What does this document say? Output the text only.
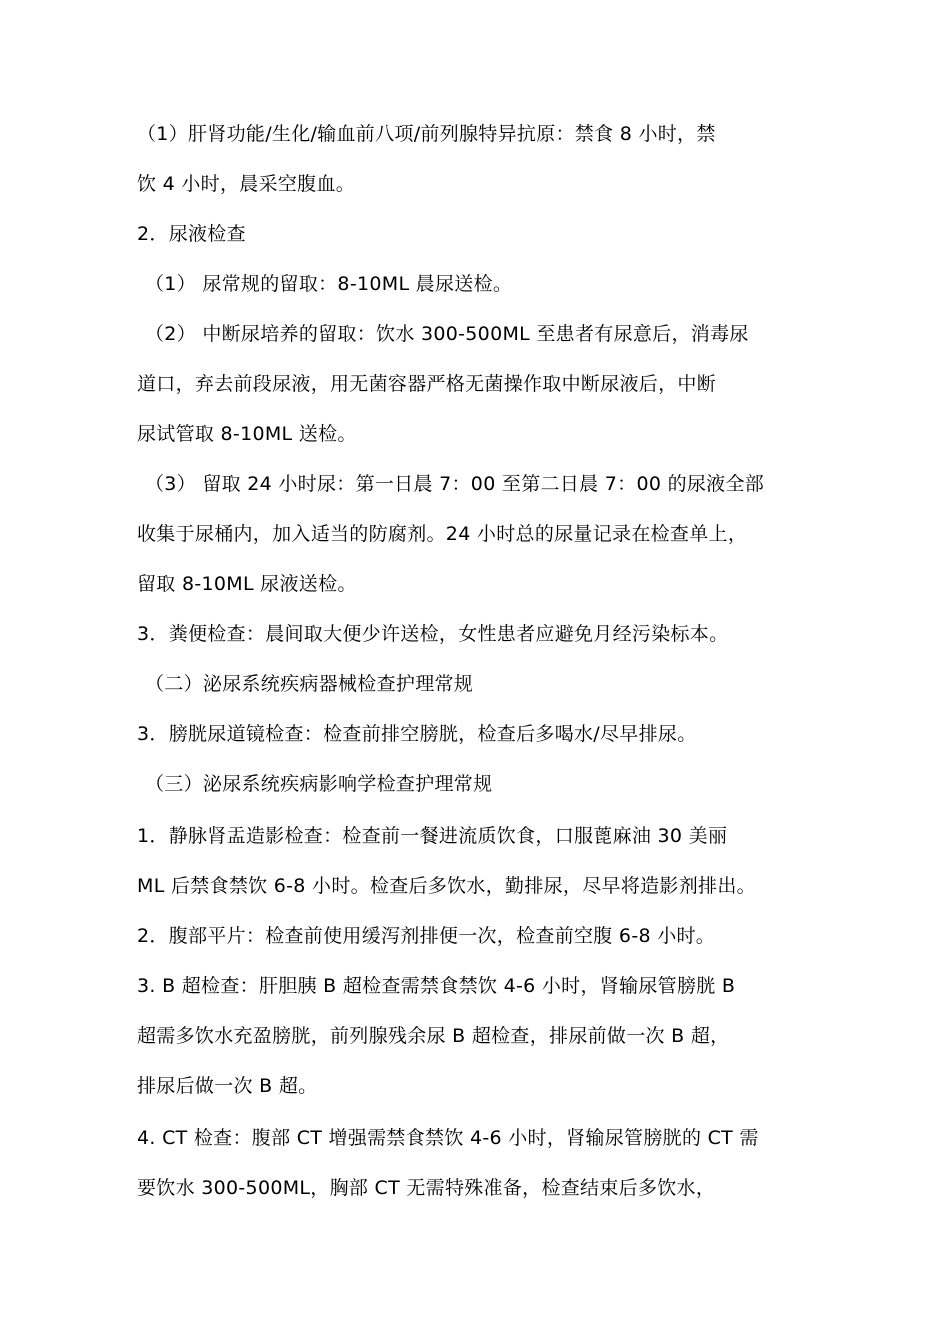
（1）肝肾功能/生化/输血前八项/前列腺特异抗原：禁食 8 小时，禁
饮 4 小时，晨采空腹血。
2．尿液检查
（1） 尿常规的留取：8-10ML 晨尿送检。
（2） 中断尿培养的留取：饮水 300-500ML 至患者有尿意后，消毒尿
道口，弃去前段尿液，用无菌容器严格无菌操作取中断尿液后，中断
尿试管取 8-10ML 送检。
（3） 留取 24 小时尿：第一日晨 7：00 至第二日晨 7：00 的尿液全部
收集于尿桶内，加入适当的防腐剂。24 小时总的尿量记录在检查单上，
留取 8-10ML 尿液送检。
3．粪便检查：晨间取大便少许送检，女性患者应避免月经污染标本。
（二）泌尿系统疾病器械检查护理常规
3．膀胱尿道镜检查：检查前排空膀胱，检查后多喝水/尽早排尿。
（三）泌尿系统疾病影响学检查护理常规
1．静脉肾盂造影检查：检查前一餐进流质饮食，口服蓖麻油 30 美丽
ML 后禁食禁饮 6-8 小时。检查后多饮水，勤排尿，尽早将造影剂排出。
2．腹部平片：检查前使用缓泻剂排便一次，检查前空腹 6-8 小时。
3. B 超检查：肝胆胰 B 超检查需禁食禁饮 4-6 小时，肾输尿管膀胱 B
超需多饮水充盈膀胱，前列腺残余尿 B 超检查，排尿前做一次 B 超，
排尿后做一次 B 超。
4. CT 检查：腹部 CT 增强需禁食禁饮 4-6 小时，肾输尿管膀胱的 CT 需
要饮水 300-500ML，胸部 CT 无需特殊准备，检查结束后多饮水，
